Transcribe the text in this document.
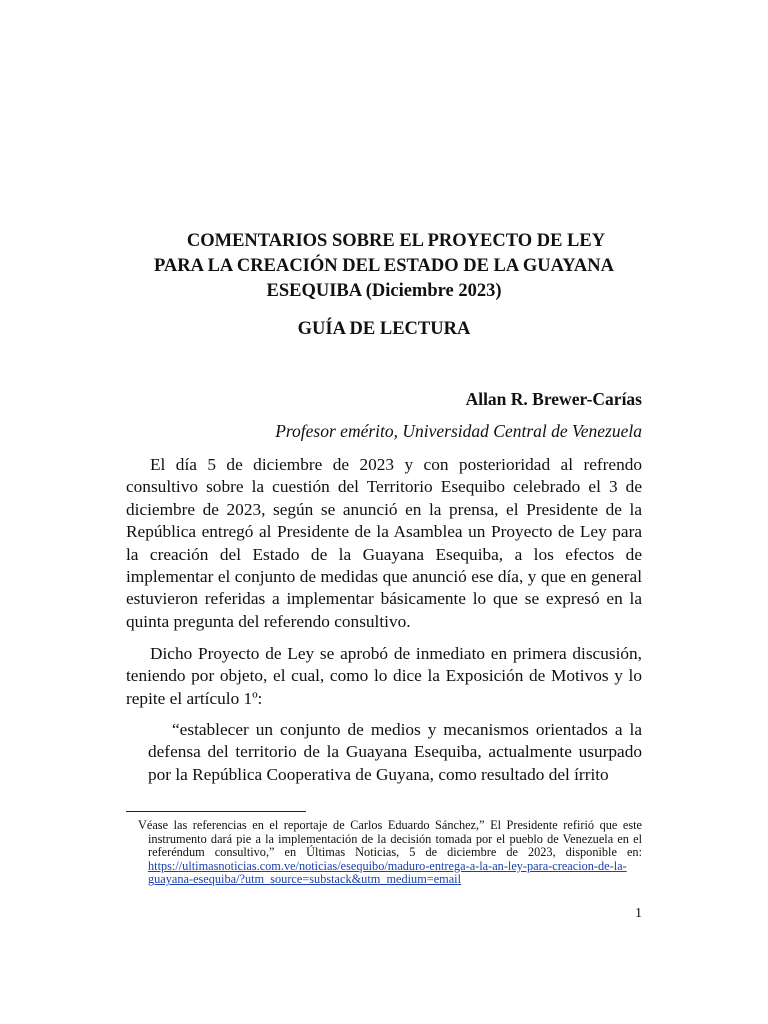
COMENTARIOS SOBRE EL PROYECTO DE LEY
PARA LA CREACIÓN DEL ESTADO DE LA GUAYANA
ESEQUIBA (Diciembre 2023)
GUÍA DE LECTURA

Allan R. Brewer-Carías

Profesor emérito, Universidad Central de Venezuela

El día 5 de diciembre de 2023 y con posterioridad al refrendo consultivo sobre la cuestión del Territorio Esequibo celebrado el 3 de diciembre de 2023, según se anunció en la prensa, el Presidente de la República entregó al Presidente de la Asamblea un Proyecto de Ley para la creación del Estado de la Guayana Esequiba, a los efectos de implementar el conjunto de medidas que anunció ese día, y que en general estuvieron referidas a implementar básicamente lo que se expresó en la quinta pregunta del referendo consultivo.

Dicho Proyecto de Ley se aprobó de inmediato en primera discusión, teniendo por objeto, el cual, como lo dice la Exposición de Motivos y lo repite el artículo 1º:

“establecer un conjunto de medios y mecanismos orientados a la defensa del territorio de la Guayana Esequiba, actualmente usurpado por la República Cooperativa de Guyana, como resultado del írrito

Véase las referencias en el reportaje de Carlos Eduardo Sánchez,” El Presidente refirió que este instrumento dará pie a la implementación de la decisión tomada por el pueblo de Venezuela en el referéndum consultivo,” en Últimas Noticias, 5 de diciembre de 2023, disponible en: https://ultimasnoticias.com.ve/noticias/esequibo/maduro-entrega-a-la-an-ley-para-creacion-de-la-guayana-esequiba/?utm_source=substack&utm_medium=email

1
